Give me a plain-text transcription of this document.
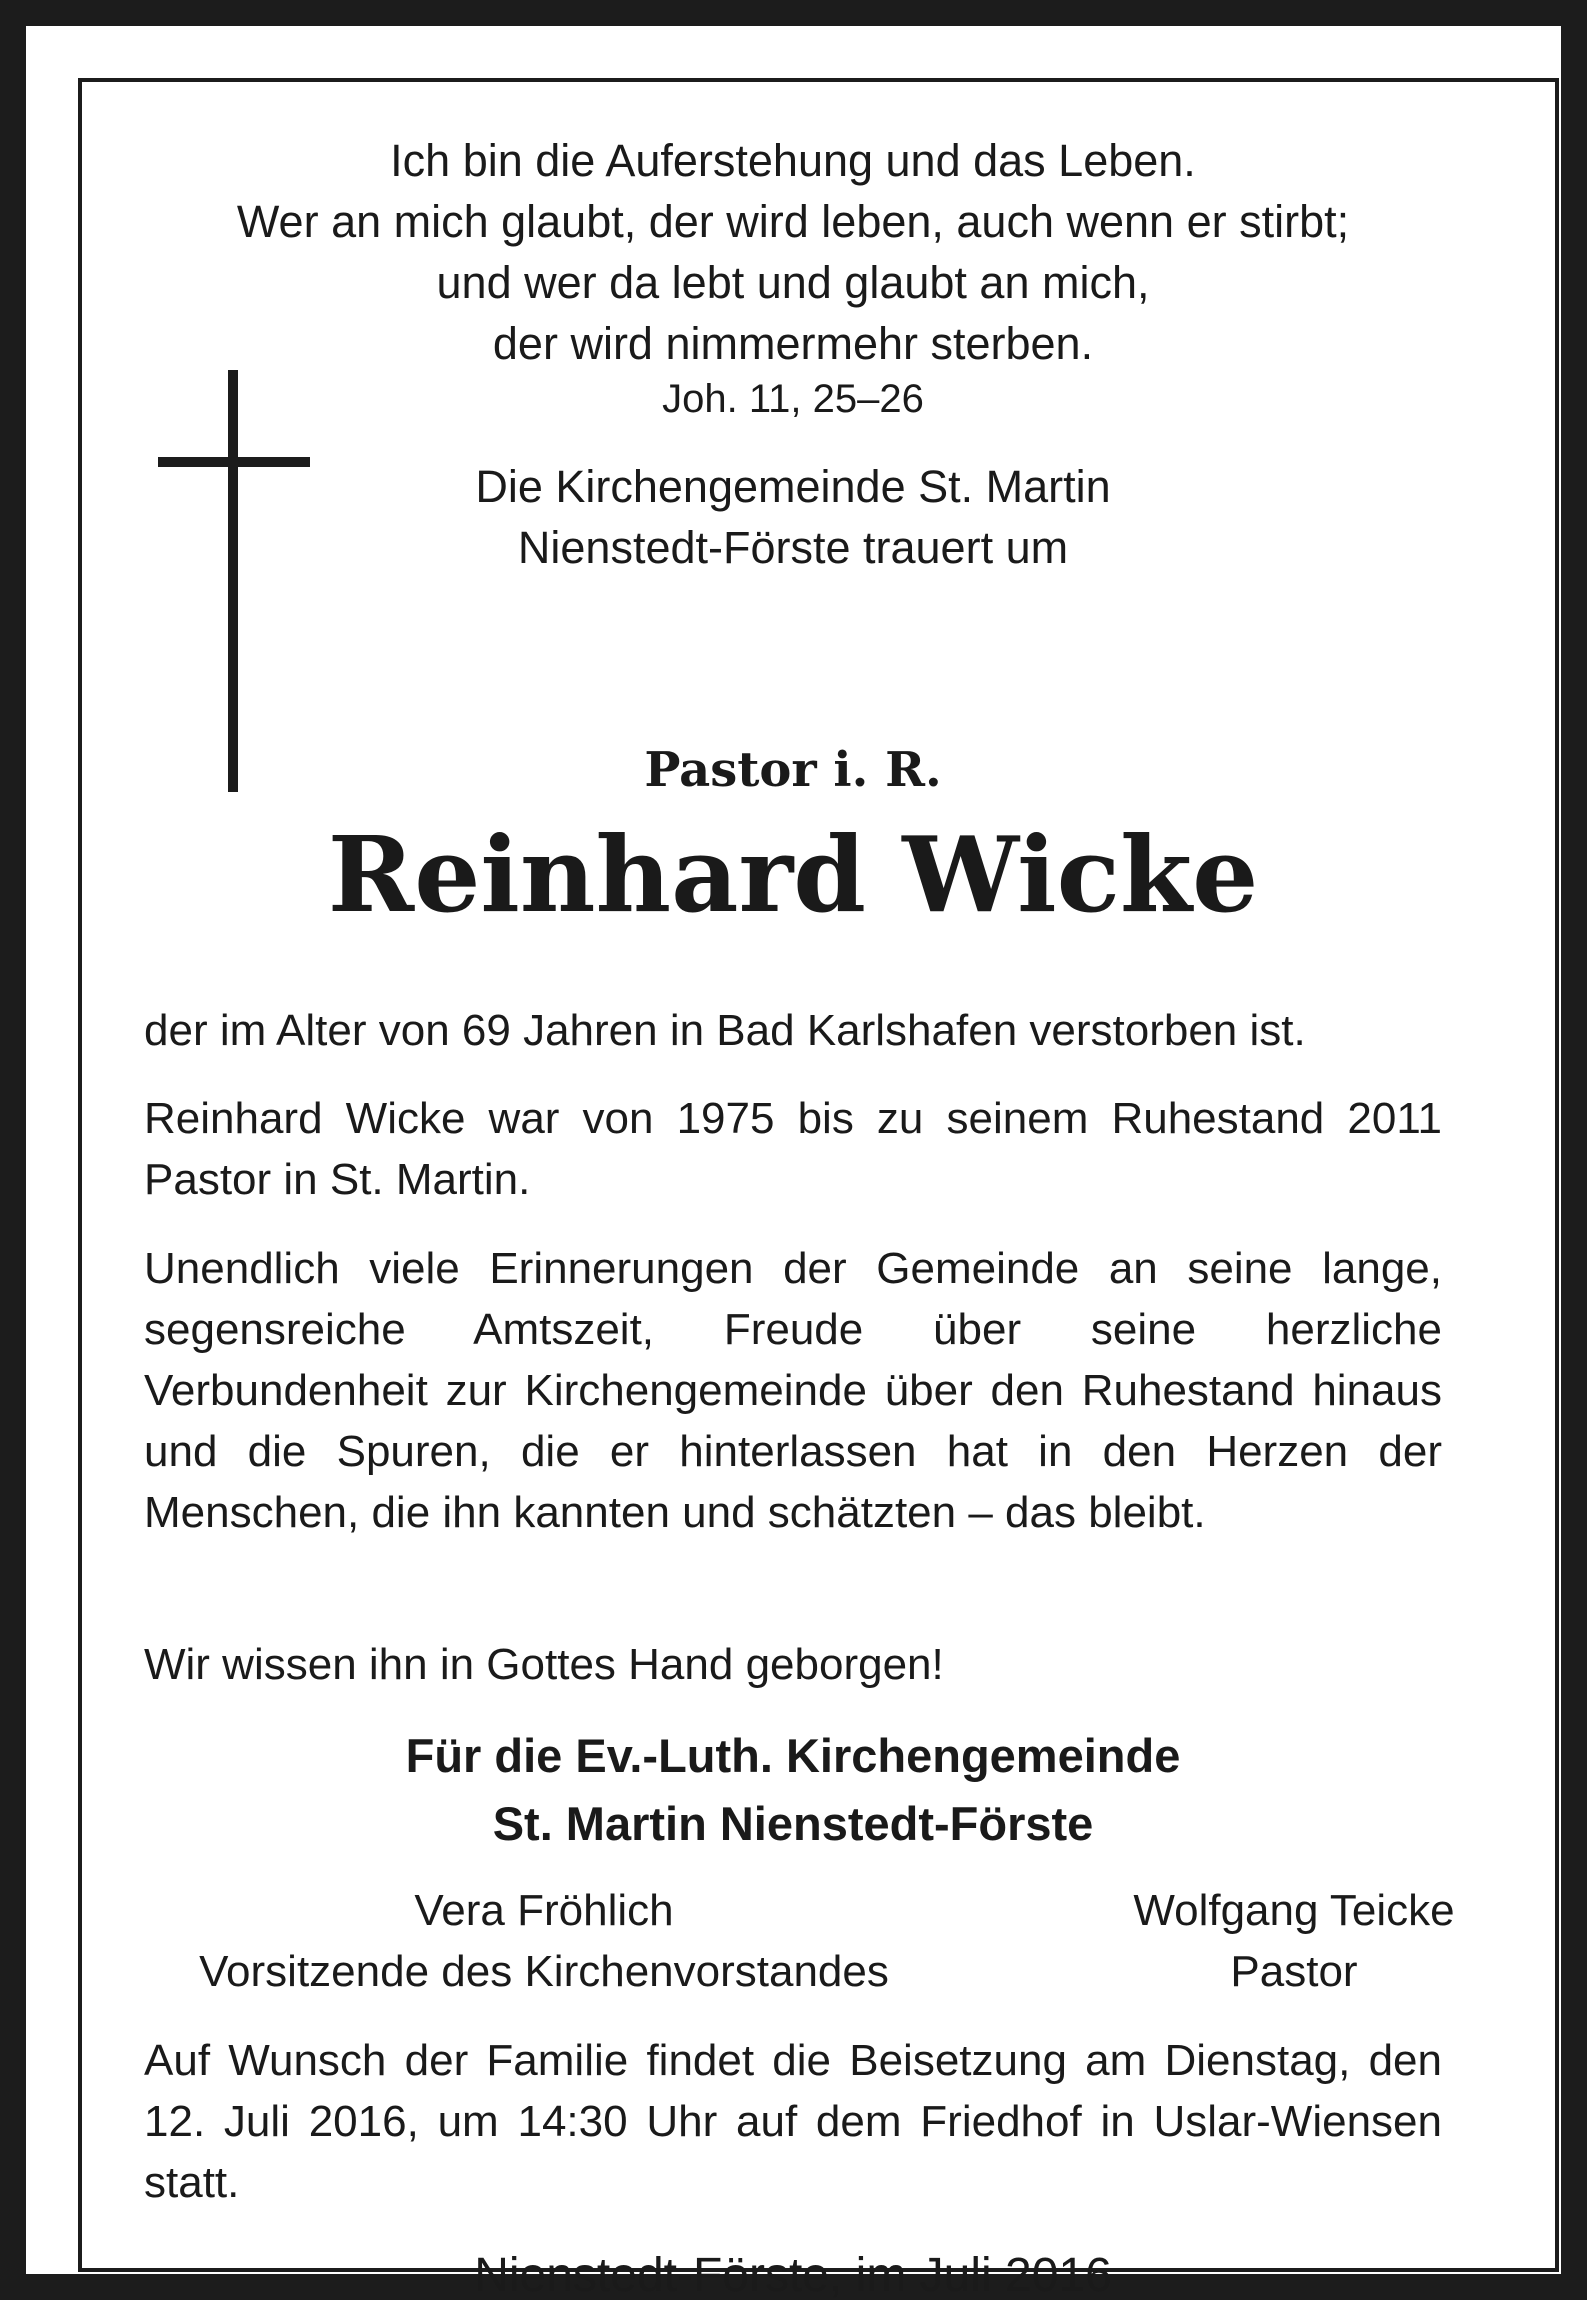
Ich bin die Auferstehung und das Leben.
Wer an mich glaubt, der wird leben, auch wenn er stirbt;
und wer da lebt und glaubt an mich,
der wird nimmermehr sterben.
Joh. 11, 25–26
Die Kirchengemeinde St. Martin
Nienstedt-Förste trauert um
Pastor i. R.
Reinhard Wicke
der im Alter von 69 Jahren in Bad Karlshafen verstorben ist.
Reinhard Wicke war von 1975 bis zu seinem Ruhestand 2011 Pastor in St. Martin.
Unendlich viele Erinnerungen der Gemeinde an seine lange, segensreiche Amtszeit, Freude über seine herzliche Verbundenheit zur Kirchengemeinde über den Ruhestand hinaus und die Spuren, die er hinterlassen hat in den Herzen der Menschen, die ihn kannten und schätzten – das bleibt.
Wir wissen ihn in Gottes Hand geborgen!
Für die Ev.-Luth. Kirchengemeinde
St. Martin Nienstedt-Förste
Vera Fröhlich
Vorsitzende des Kirchenvorstandes
Wolfgang Teicke
Pastor
Auf Wunsch der Familie findet die Beisetzung am Dienstag, den 12. Juli 2016, um 14:30 Uhr auf dem Friedhof in Uslar-Wiensen statt.
Nienstedt-Förste, im Juli 2016
